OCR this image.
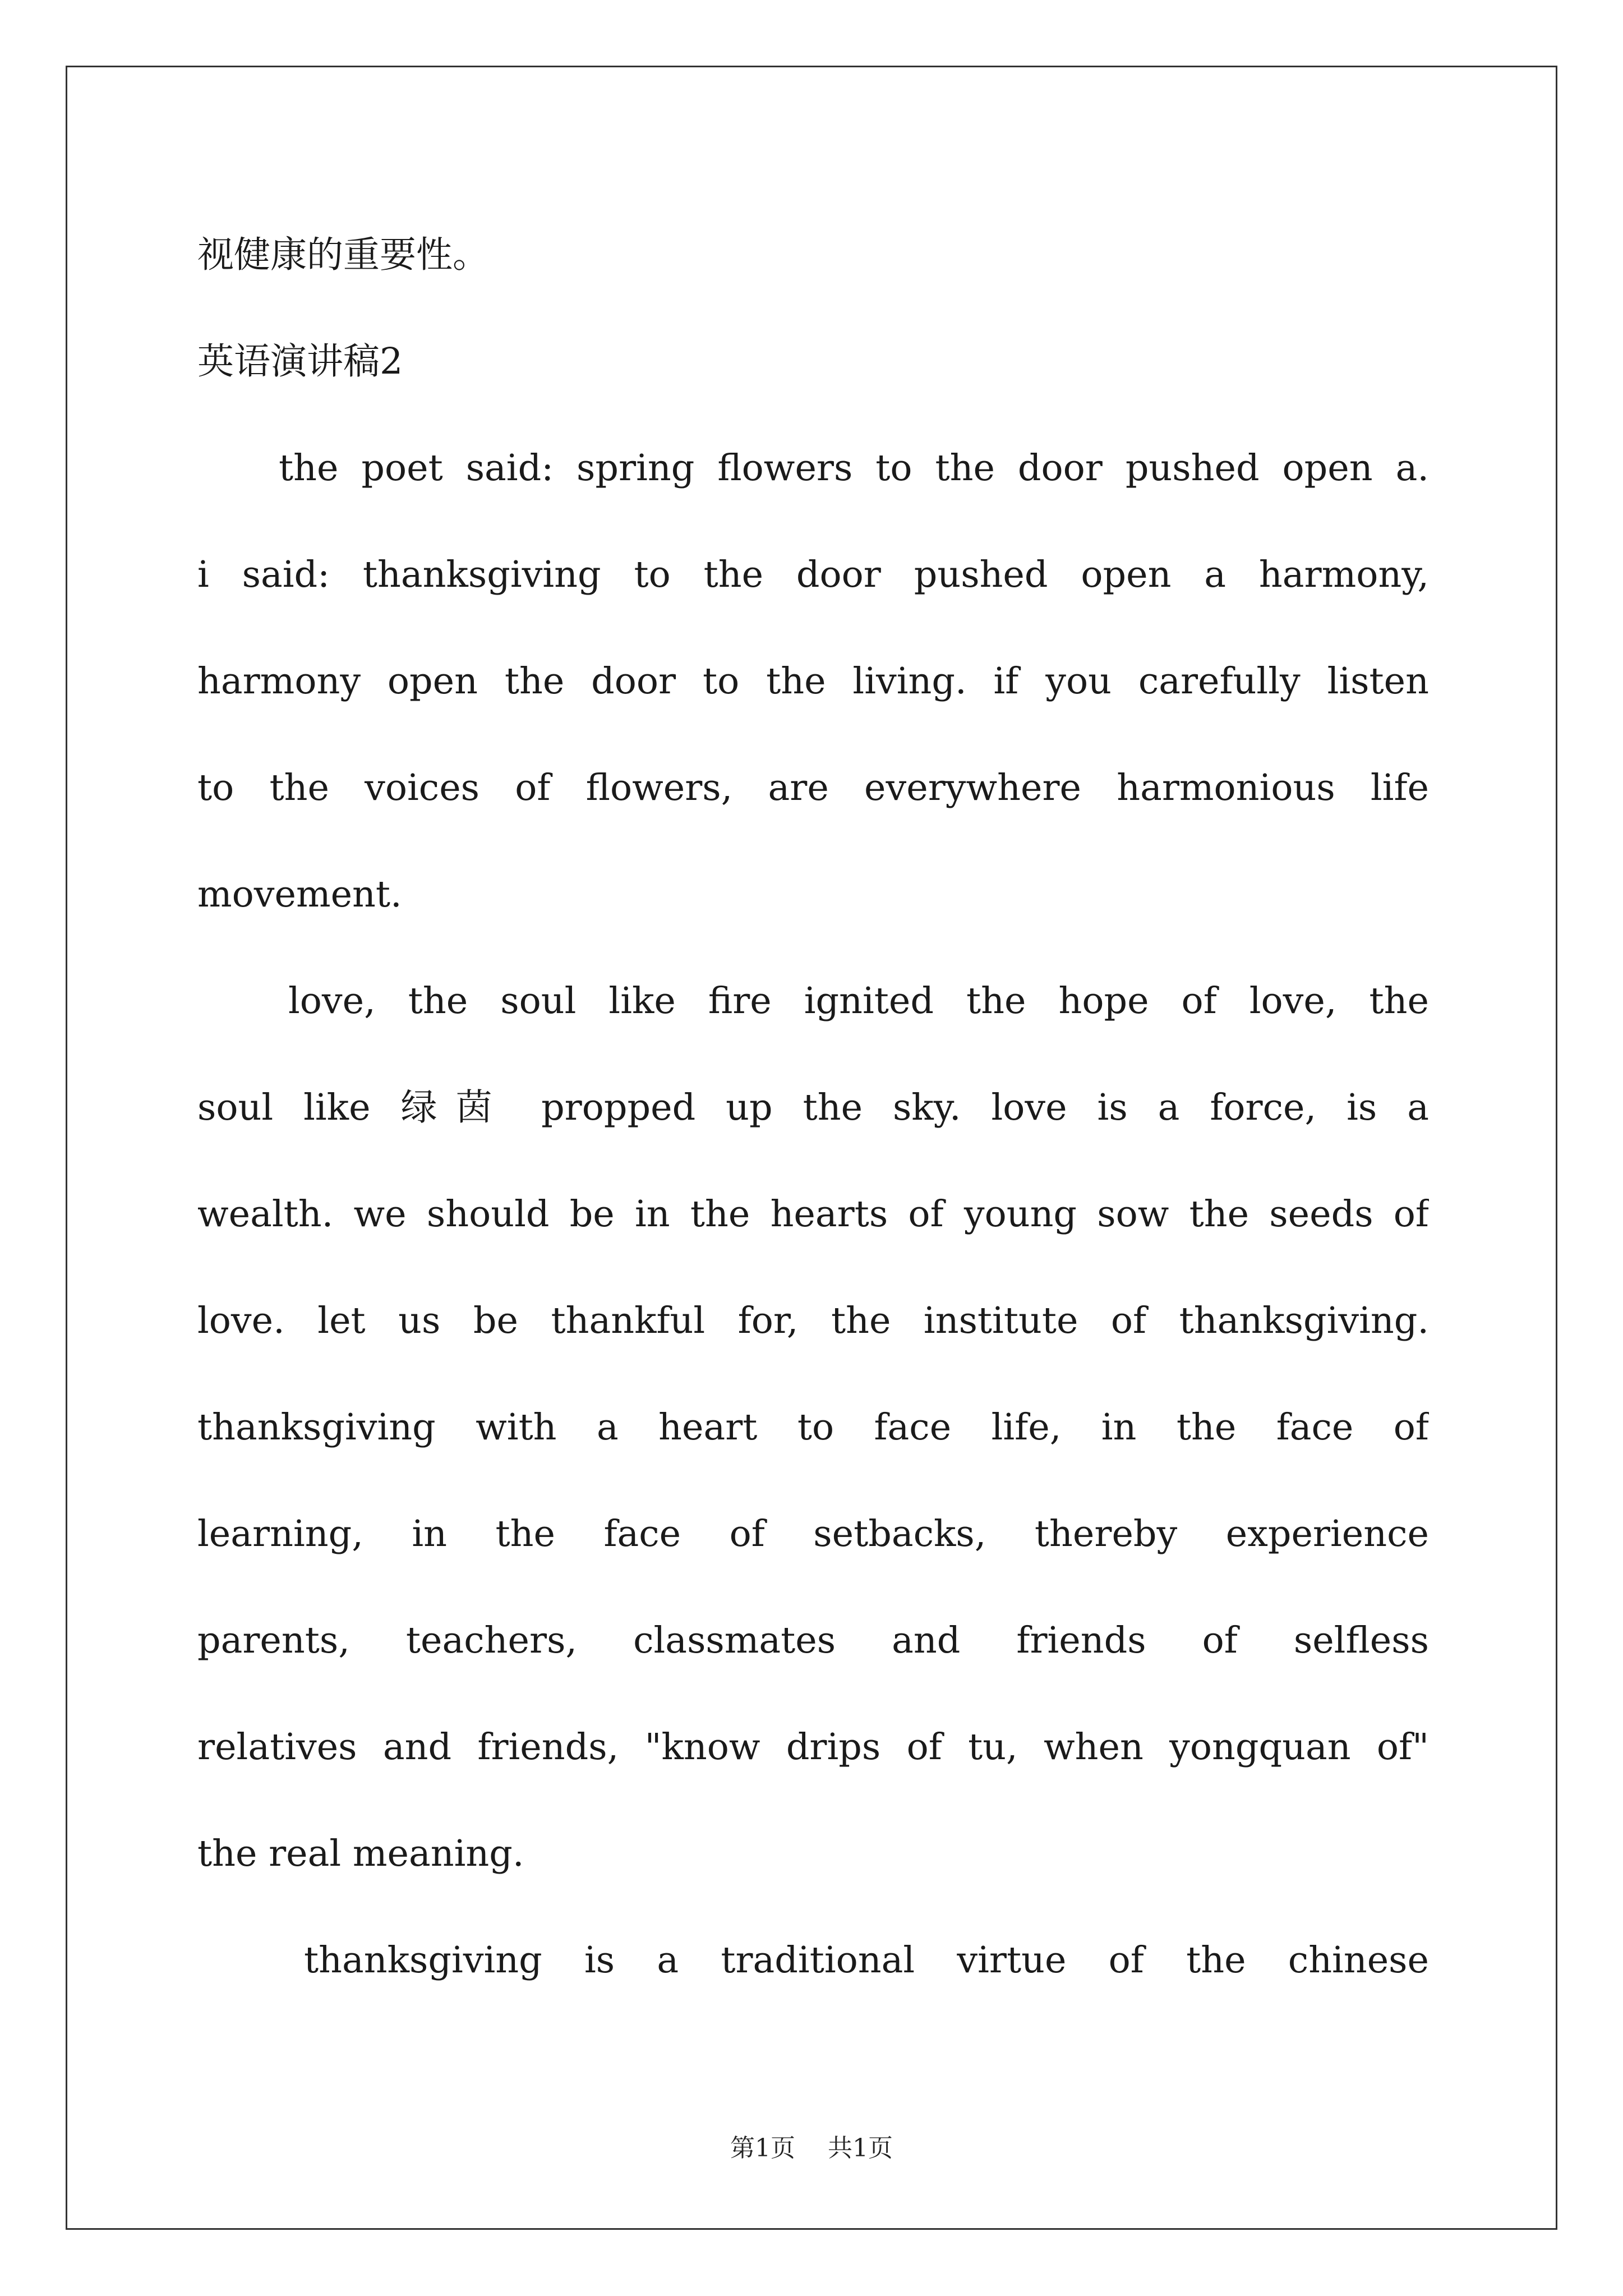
视健康的重要性。
英语演讲稿2
the poet said: spring flowers to the door pushed open a.
i said: thanksgiving to the door pushed open a harmony,
harmony open the door to the living. if you carefully listen
to the voices of flowers, are everywhere harmonious life
movement.
love, the soul like fire ignited the hope of love, the
soul like 绿茵 propped up the sky. love is a force, is a
wealth. we should be in the hearts of young sow the seeds of
love. let us be thankful for, the institute of thanksgiving.
thanksgiving with a heart to face life, in the face of
learning, in the face of setbacks, thereby experience
parents, teachers, classmates and friends of selfless
relatives and friends, "know drips of tu, when yongquan of"
the real meaning.
thanksgiving is a traditional virtue of the chinese
第1页 共1页
